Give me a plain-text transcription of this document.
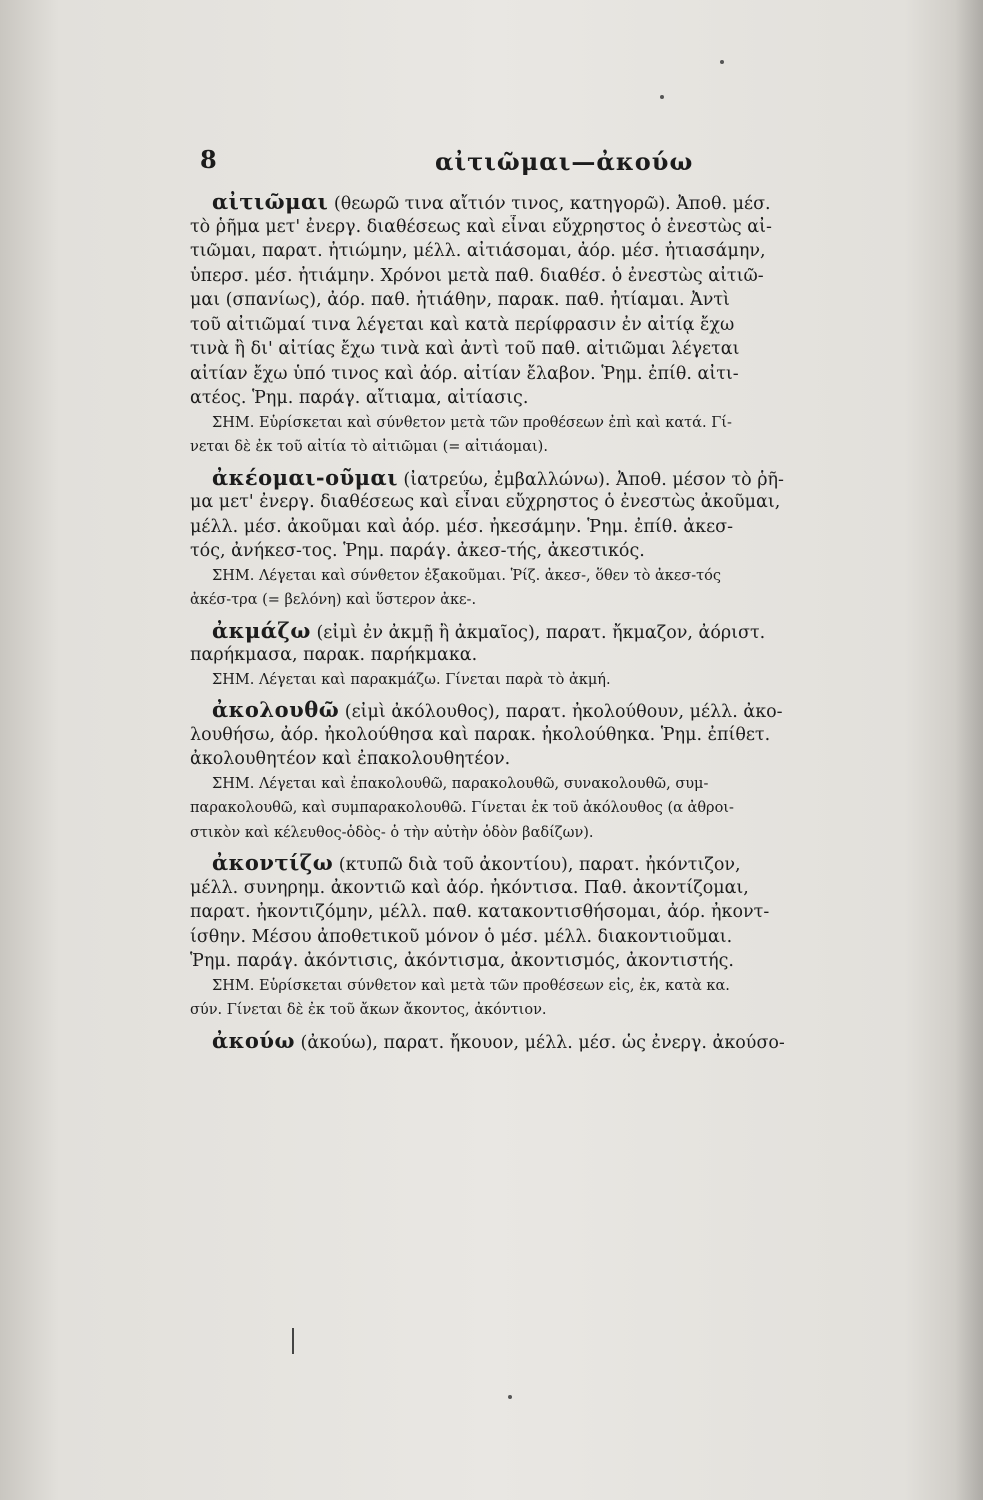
8	αἰτιῶμαι—ἀκούω
αἰτιῶμαι (θεωρῶ τινα αἴτιόν τινος, κατηγορῶ). Ἀποθ. μέσ.
τὸ ῥῆμα μετ' ἐνεργ. διαθέσεως καὶ εἶναι εὔχρηστος ὁ ἐνεστὼς αἰ-
τιῶμαι, παρατ. ἠτιώμην, μέλλ. αἰτιάσομαι, ἀόρ. μέσ. ἠτιασάμην,
ὑπερσ. μέσ. ἠτιάμην. Χρόνοι μετὰ παθ. διαθέσ. ὁ ἐνεστὼς αἰτιῶ-
μαι (σπανίως), ἀόρ. παθ. ἠτιάθην, παρακ. παθ. ἠτίαμαι. Ἀντὶ
τοῦ αἰτιῶμαί τινα λέγεται καὶ κατὰ περίφρασιν ἐν αἰτίᾳ ἔχω
τινὰ ἢ δι' αἰτίας ἔχω τινὰ καὶ ἀντὶ τοῦ παθ. αἰτιῶμαι λέγεται
αἰτίαν ἔχω ὑπό τινος καὶ ἀόρ. αἰτίαν ἔλαβον. Ῥημ. ἐπίθ. αἰτι-
ατέος. Ῥημ. παράγ. αἴτιαμα, αἰτίασις.
ΣΗΜ. Εὑρίσκεται καὶ σύνθετον μετὰ τῶν προθέσεων ἐπὶ καὶ κατά. Γί-
νεται δὲ ἐκ τοῦ αἰτία τὸ αἰτιῶμαι (= αἰτιάομαι).
ἀκέομαι-οῦμαι (ἰατρεύω, ἐμβαλλώνω). Ἀποθ. μέσον τὸ ῥῆ-
μα μετ' ἐνεργ. διαθέσεως καὶ εἶναι εὔχρηστος ὁ ἐνεστὼς ἀκοῦμαι,
μέλλ. μέσ. ἀκοῦμαι καὶ ἀόρ. μέσ. ἠκεσάμην. Ῥημ. ἐπίθ. ἀκεσ-
τός, ἀνήκεσ-τος. Ῥημ. παράγ. ἀκεσ-τής, ἀκεστικός.
ΣΗΜ. Λέγεται καὶ σύνθετον ἐξακοῦμαι. Ῥίζ. ἀκεσ-, ὅθεν τὸ ἀκεσ-τός
ἀκέσ-τρα (= βελόνη) καὶ ὕστερον ἀκε-.
ἀκμάζω (εἰμὶ ἐν ἀκμῇ ἢ ἀκμαῖος), παρατ. ἤκμαζον, ἀόριστ.
παρήκμασα, παρακ. παρήκμακα.
ΣΗΜ. Λέγεται καὶ παρακμάζω. Γίνεται παρὰ τὸ ἀκμή.
ἀκολουθῶ (εἰμὶ ἀκόλουθος), παρατ. ἠκολούθουν, μέλλ. ἀκο-
λουθήσω, ἀόρ. ἠκολούθησα καὶ παρακ. ἠκολούθηκα. Ῥημ. ἐπίθετ.
ἀκολουθητέον καὶ ἐπακολουθητέον.
ΣΗΜ. Λέγεται καὶ ἐπακολουθῶ, παρακολουθῶ, συνακολουθῶ, συμ-
παρακολουθῶ, καὶ συμπαρακολουθῶ. Γίνεται ἐκ τοῦ ἀκόλουθος (α ἀθροι-
στικὸν καὶ κέλευθος-ὁδὸς- ὁ τὴν αὐτὴν ὁδὸν βαδίζων).
ἀκοντίζω (κτυπῶ διὰ τοῦ ἀκοντίου), παρατ. ἠκόντιζον,
μέλλ. συνηρημ. ἀκοντιῶ καὶ ἀόρ. ἠκόντισα. Παθ. ἀκοντίζομαι,
παρατ. ἠκοντιζόμην, μέλλ. παθ. κατακοντισθήσομαι, ἀόρ. ἠκοντ-
ίσθην. Μέσου ἀποθετικοῦ μόνον ὁ μέσ. μέλλ. διακοντιοῦμαι.
Ῥημ. παράγ. ἀκόντισις, ἀκόντισμα, ἀκοντισμός, ἀκοντιστής.
ΣΗΜ. Εὑρίσκεται σύνθετον καὶ μετὰ τῶν προθέσεων εἰς, ἐκ, κατὰ κα.
σύν. Γίνεται δὲ ἐκ τοῦ ἄκων ἄκοντος, ἀκόντιον.
ἀκούω (ἀκούω), παρατ. ἤκουον, μέλλ. μέσ. ὡς ἐνεργ. ἀκούσο-
